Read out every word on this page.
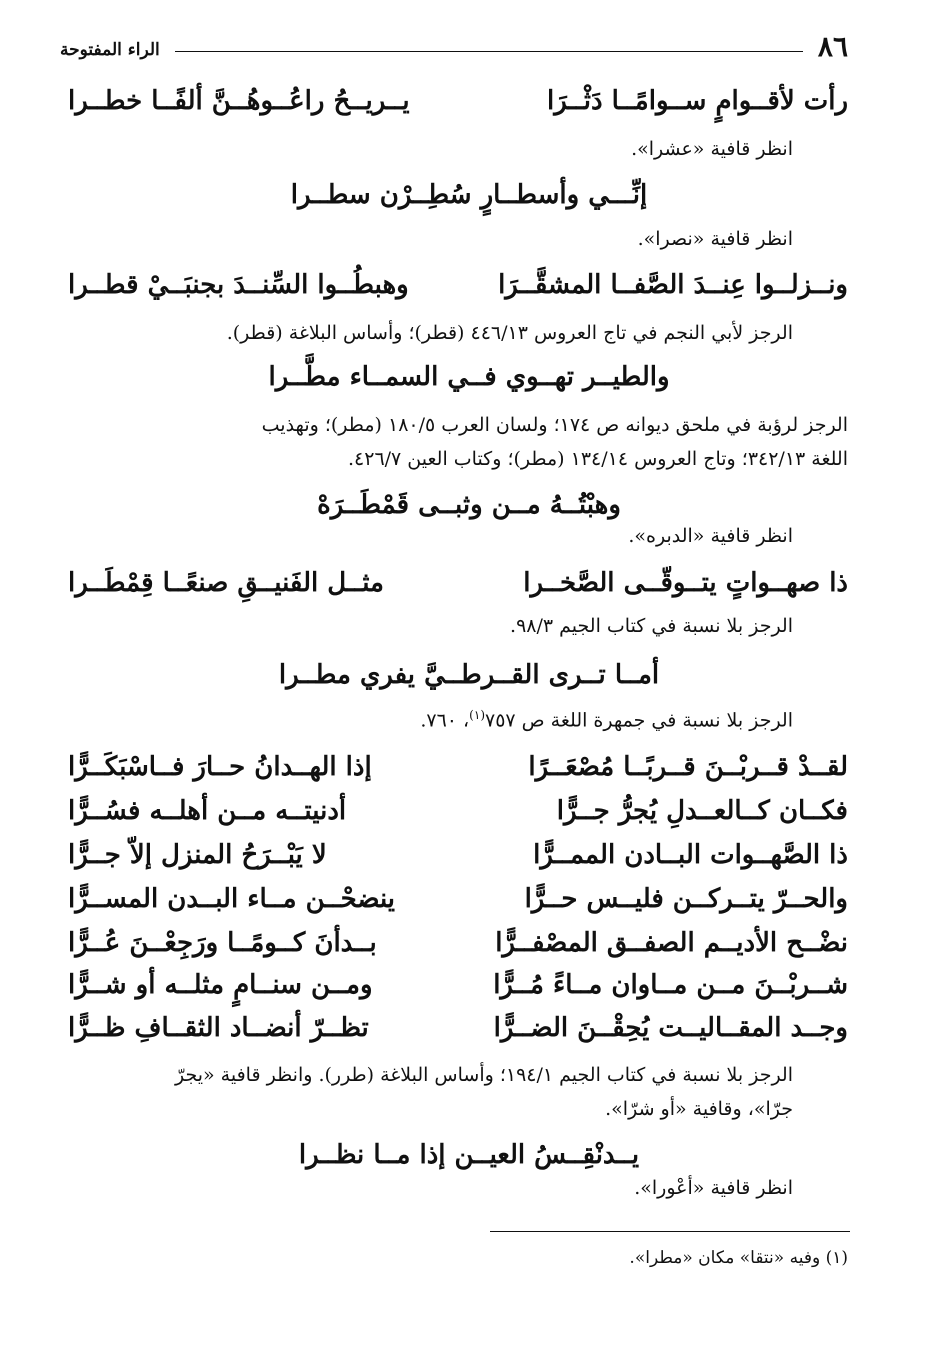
٨٦
الراء المفتوحة
رأت لأقــوامٍ ســوامًــا دَثْــرَا
يــريــحُ راعُــوهُــنَّ ألفًــا خطــرا
انظر قافية «عشرا».
إنِّـــي وأسطــارٍ سُطِــرْن سطــرا
انظر قافية «نصرا».
ونــزلــوا عِنــدَ الصَّفــا المشقَّــرَا
وهبطُــوا السِّنــدَ بجنبَــيْ قطــرا
الرجز لأبي النجم في تاج العروس ٤٤٦/١٣ (قطر)؛ وأساس البلاغة (قطر).
والطيــر تهــوي فــي السمــاء مطَّــرا
الرجز لرؤبة في ملحق ديوانه ص ١٧٤؛ ولسان العرب ١٨٠/٥ (مطر)؛ وتهذيب
اللغة ٣٤٢/١٣؛ وتاج العروس ١٣٤/١٤ (مطر)؛ وكتاب العين ٤٢٦/٧.
وهبْتُــهُ مــن وثبــى قَمْطَــرَهْ
انظر قافية «الدبره».
ذا صهــواتٍ يتــوقّــى الصَّخــرا
مثــل الفَنيــقِ صنعًــا قِمْطَــرا
الرجز بلا نسبة في كتاب الجيم ٩٨/٣.
أمــا تــرى القــرطــيَّ يفري مطــرا
الرجز بلا نسبة في جمهرة اللغة ص ٧٥٧$^{(١)}$، ٧٦٠.
لقــدْ قــربْــنَ قــربًــا مُصْعَــرًا
إذا الهــدانُ حــارَ فــاسْبَكَــرًّا
فكــان كــالعــدلِ يُجرُّ جــرًّا
أدنيتــه مــن أهلــه فسُــرًّا
ذا الصَّهــوات البــادن الممــرًّا
لا يَبْــرَحُ المنزل إلاّ جــرًّا
والحــرّ يتــركــن فليــس حــرًّا
ينضحْــن مــاء البــدن المســرًّا
نضْــح الأديــم الصفــق المصْفــرًّا
بــدأنَ كــومًــا ورَجِعْــنَ عُــرًّا
شــربْــنَ مــن مــاوان مــاءً مُــرًّا
ومــن سنــامٍ مثلــه أو شــرًّا
وجــد المقــاليــت يُحِقْــنَ الضــرًّا
تظــرّ أنضــاد الثقــافِ ظــرًّا
الرجز بلا نسبة في كتاب الجيم ١٩٤/١؛ وأساس البلاغة (طرر). وانظر قافية «يجرّ
جرّا»، وقافية «أو شرّا».
يــدنْقِــسُ العيــن إذا مــا نظــرا
انظر قافية «أعْورا».
(١) وفيه «نتقا» مكان «مطرا».
